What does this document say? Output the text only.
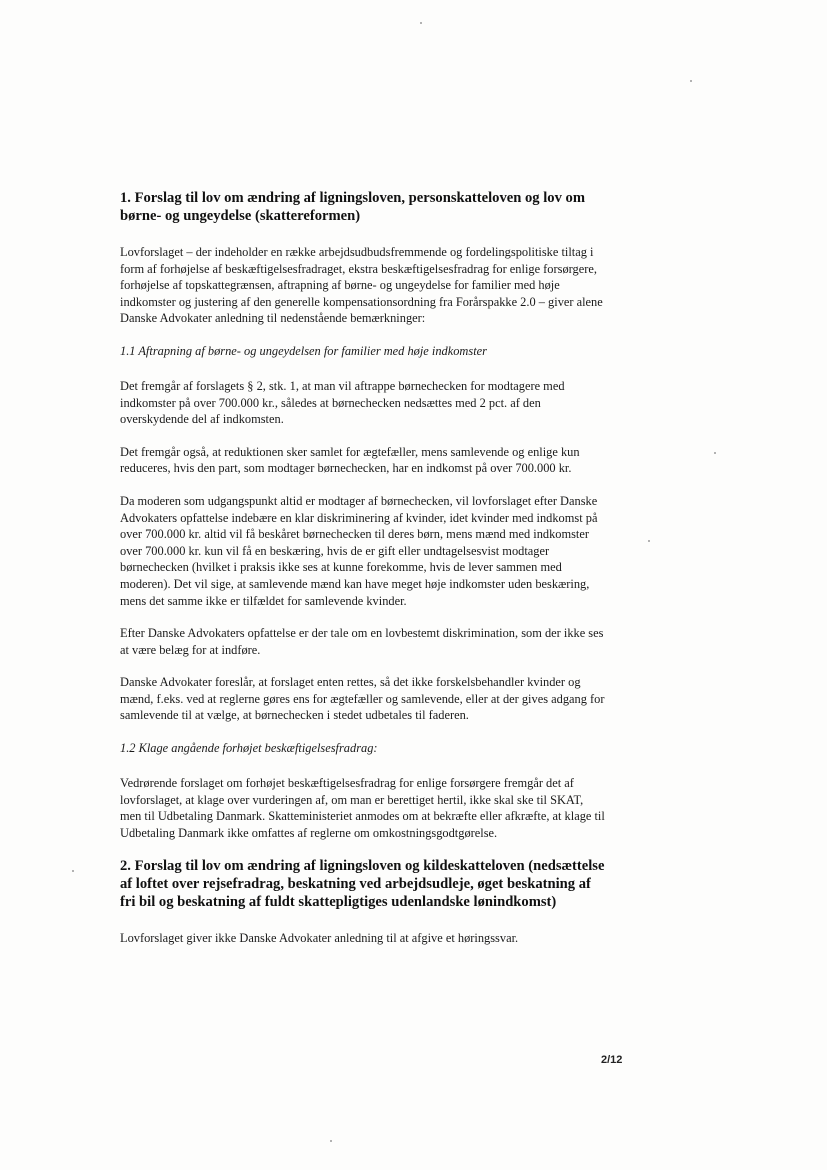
1. Forslag til lov om ændring af ligningsloven, personskatteloven og lov om børne- og ungeydelse (skattereformen)

Lovforslaget – der indeholder en række arbejdsudbudsfremmende og fordelingspolitiske tiltag i form af forhøjelse af beskæftigelsesfradraget, ekstra beskæftigelsesfradrag for enlige forsørgere, forhøjelse af topskattegrænsen, aftrapning af børne- og ungeydelse for familier med høje indkomster og justering af den generelle kompensationsordning fra Forårspakke 2.0 – giver alene Danske Advokater anledning til nedenstående bemærkninger:

1.1 Aftrapning af børne- og ungeydelsen for familier med høje indkomster

Det fremgår af forslagets § 2, stk. 1, at man vil aftrappe børnechecken for modtagere med indkomster på over 700.000 kr., således at børnechecken nedsættes med 2 pct. af den overskydende del af indkomsten.

Det fremgår også, at reduktionen sker samlet for ægtefæller, mens samlevende og enlige kun reduceres, hvis den part, som modtager børnechecken, har en indkomst på over 700.000 kr.

Da moderen som udgangspunkt altid er modtager af børnechecken, vil lovforslaget efter Danske Advokaters opfattelse indebære en klar diskriminering af kvinder, idet kvinder med indkomst på over 700.000 kr. altid vil få beskåret børnechecken til deres børn, mens mænd med indkomster over 700.000 kr. kun vil få en beskæring, hvis de er gift eller undtagelsesvist modtager børnechecken (hvilket i praksis ikke ses at kunne forekomme, hvis de lever sammen med moderen). Det vil sige, at samlevende mænd kan have meget høje indkomster uden beskæring, mens det samme ikke er tilfældet for samlevende kvinder.

Efter Danske Advokaters opfattelse er der tale om en lovbestemt diskrimination, som der ikke ses at være belæg for at indføre.

Danske Advokater foreslår, at forslaget enten rettes, så det ikke forskelsbehandler kvinder og mænd, f.eks. ved at reglerne gøres ens for ægtefæller og samlevende, eller at der gives adgang for samlevende til at vælge, at børnechecken i stedet udbetales til faderen.

1.2 Klage angående forhøjet beskæftigelsesfradrag:

Vedrørende forslaget om forhøjet beskæftigelsesfradrag for enlige forsørgere fremgår det af lovforslaget, at klage over vurderingen af, om man er berettiget hertil, ikke skal ske til SKAT, men til Udbetaling Danmark. Skatteministeriet anmodes om at bekræfte eller afkræfte, at klage til Udbetaling Danmark ikke omfattes af reglerne om omkostningsgodtgørelse.

2. Forslag til lov om ændring af ligningsloven og kildeskatteloven (nedsættelse af loftet over rejsefradrag, beskatning ved arbejdsudleje, øget beskatning af fri bil og beskatning af fuldt skattepligtiges udenlandske lønindkomst)

Lovforslaget giver ikke Danske Advokater anledning til at afgive et høringssvar.

2/12
